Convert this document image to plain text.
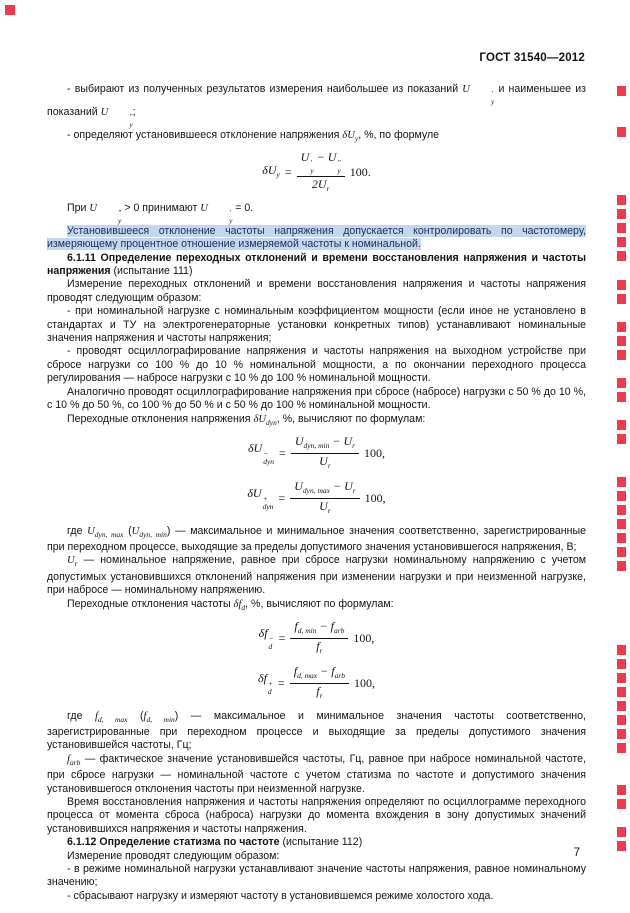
ГОСТ 31540—2012

- выбирают из полученных результатов измерения наибольшее из показаний U	′
y
и наименьшее из показаний U	″
y
;

- определяют установившееся отклонение напряжения $\delta U_y$, %, по формуле

$\delta U_y = U$ ′
y
− U ″
y
$2U_r$ 100.

При U	″
y
> 0 принимают U	′
y
= 0.

Установившееся отклонение частоты напряжения допускается контролировать по частотомеру, измеряющему процентное отношение измеряемой частоты к номинальной.

6.1.11 Определение переходных отклонений и времени восстановления напряжения и частоты напряжения (испытание 111)

Измерение переходных отклонений и времени восстановления напряжения и частоты напряжения проводят следующим образом:

- при номинальной нагрузке с номинальным коэффициентом мощности (если иное не установлено в стандартах и ТУ на электрогенераторные установки конкретных типов) устанавливают номинальные значения напряжения и частоты напряжения;

- проводят осциллографирование напряжения и частоты напряжения на выходном устройстве при сбросе нагрузки со 100 % до 10 % номинальной мощности, а по окончании переходного процесса регулирования — набросе нагрузки с 10 % до 100 % номинальной мощности.

Аналогично проводят осциллографирование напряжения при сбросе (набросе) нагрузки с 50 % до 10 %, с 10 % до 50 %, со 100 % до 50 % и с 50 % до 100 % номинальной мощности.

Переходные отклонения напряжения $\delta U_{dyn}$, %, вычисляют по формулам:

δU −
dyn
= $\frac{U_{dyn, min} - U_r}{U_r} 100$,
δU +
dyn
= $\frac{U_{dyn, max} - U_r}{U_r} 100$,

где $U_{dyn, max}$ $(U_{dyn, min})$ — максимальное и минимальное значения соответственно, зарегистрированные при переходном процессе, выходящие за пределы допустимого значения установившегося напряжения, В;

$U_r$ — номинальное напряжение, равное при сбросе нагрузки номинальному напряжению с учетом допустимых установившихся отклонений напряжения при изменении нагрузки и при неизменной нагрузке, при набросе — номинальному напряжению.

Переходные отклонения частоты $\delta f_d$, %, вычисляют по формулам:

δf −
d
= $\frac{f_{d, min} - f_{arb}}{f_r} 100$,
δf +
d
= $\frac{f_{d, max} - f_{arb}}{f_r} 100$,

где $f_{d, max}$ $(f_{d, min})$ — максимальное и минимальное значения частоты соответственно, зарегистрированные при переходном процессе и выходящие за пределы допустимого значения установившейся частоты, Гц;

$f_{arb}$ — фактическое значение установившейся частоты, Гц, равное при набросе номинальной частоте, при сбросе нагрузки — номинальной частоте с учетом статизма по частоте и допустимого значения установившегося отклонения частоты при неизменной нагрузке.

Время восстановления напряжения и частоты напряжения определяют по осциллограмме переходного процесса от момента сброса (наброса) нагрузки до момента вхождения в зону допустимых значений установившихся напряжения и частоты напряжения.

6.1.12 Определение статизма по частоте (испытание 112)

Измерение проводят следующим образом:

- в режиме номинальной нагрузки устанавливают значение частоты напряжения, равное номинальному значению;

- сбрасывают нагрузку и измеряют частоту в установившемся режиме холостого хода.

7
